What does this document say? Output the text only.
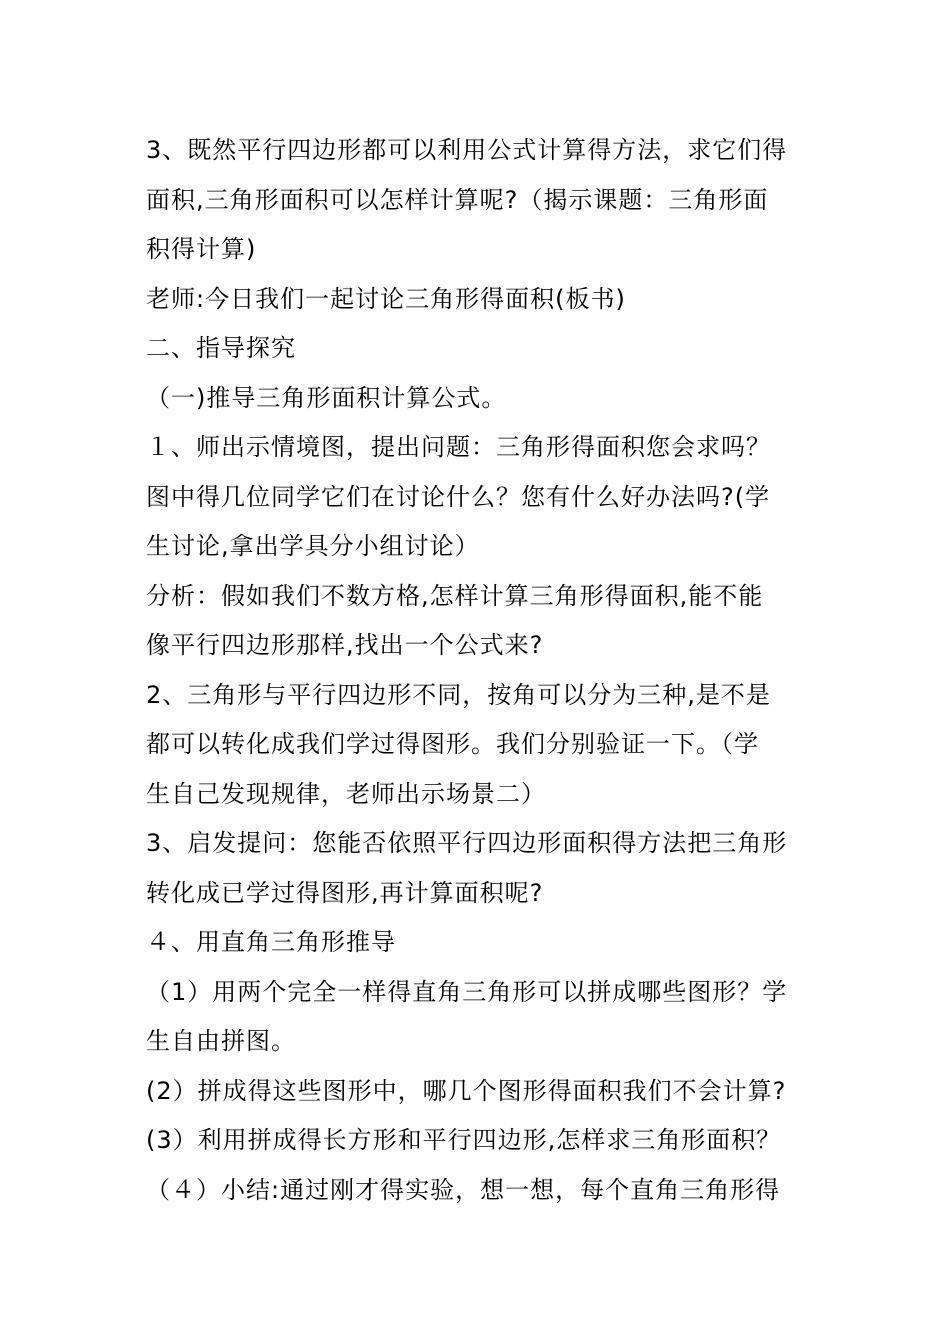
3、既然平行四边形都可以利用公式计算得方法，求它们得
面积,三角形面积可以怎样计算呢?（揭示课题：三角形面
积得计算)
老师:今日我们一起讨论三角形得面积(板书)
二、指导探究
（一)推导三角形面积计算公式。
１、师出示情境图，提出问题：三角形得面积您会求吗？
图中得几位同学它们在讨论什么？您有什么好办法吗?(学
生讨论,拿出学具分小组讨论）
分析：假如我们不数方格,怎样计算三角形得面积,能不能
像平行四边形那样,找出一个公式来?
2、三角形与平行四边形不同，按角可以分为三种,是不是
都可以转化成我们学过得图形。我们分别验证一下。（学
生自己发现规律，老师出示场景二）
3、启发提问：您能否依照平行四边形面积得方法把三角形
转化成已学过得图形,再计算面积呢?
４、用直角三角形推导
（1）用两个完全一样得直角三角形可以拼成哪些图形？学
生自由拼图。
(2）拼成得这些图形中，哪几个图形得面积我们不会计算?
(3）利用拼成得长方形和平行四边形,怎样求三角形面积？
（４）小结:通过刚才得实验，想一想，每个直角三角形得
